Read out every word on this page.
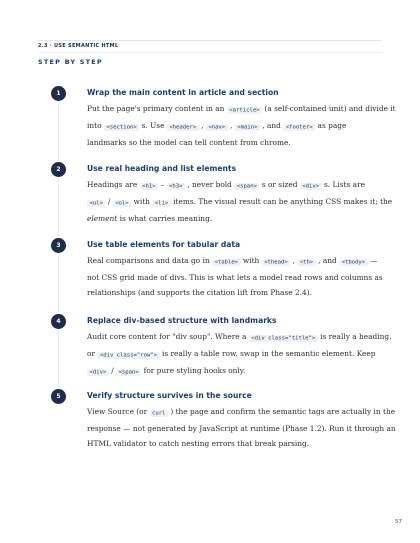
2.3 · USE SEMANTIC HTML
STEP BY STEP
1	Wrap the main content in article and section
Put the page's primary content in an <article> (a self-contained unit) and divide it
into <section> s. Use <header> , <nav> , <main> , and <footer> as page
landmarks so the model can tell content from chrome.
2	Use real heading and list elements
Headings are <h1> – <h3> , never bold <span> s or sized <div> s. Lists are
<ul> / <ol> with <li> items. The visual result can be anything CSS makes it; the
element is what carries meaning.
3	Use table elements for tabular data
Real comparisons and data go in <table> with <thead> , <th> , and <tbody> —
not CSS grid made of divs. This is what lets a model read rows and columns as
relationships (and supports the citation lift from Phase 2.4).
4	Replace div-based structure with landmarks
Audit core content for "div soup". Where a <div class="title"> is really a heading,
or <div class="row"> is really a table row, swap in the semantic element. Keep
<div> / <span> for pure styling hooks only.
5	Verify structure survives in the source
View Source (or curl ) the page and confirm the semantic tags are actually in the
response — not generated by JavaScript at runtime (Phase 1.2). Run it through an
HTML validator to catch nesting errors that break parsing.
57
